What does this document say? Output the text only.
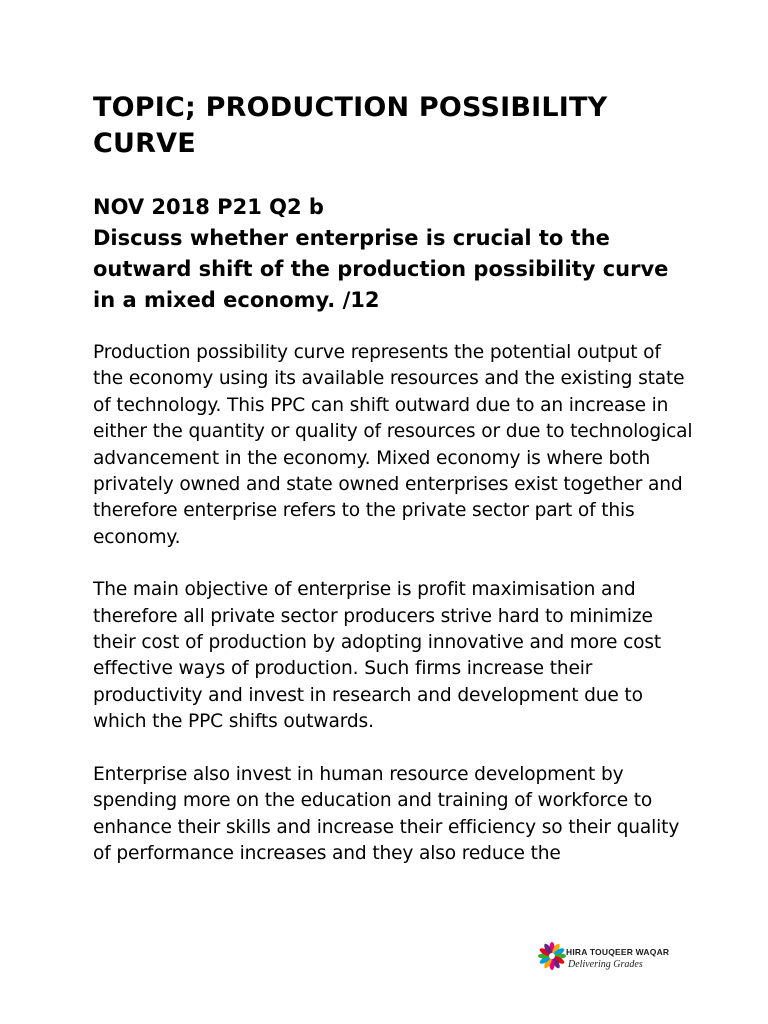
TOPIC; PRODUCTION POSSIBILITY CURVE
NOV 2018 P21 Q2 b
Discuss whether enterprise is crucial to the outward shift of the production possibility curve in a mixed economy. /12

Production possibility curve represents the potential output of the economy using its available resources and the existing state of technology. This PPC can shift outward due to an increase in either the quantity or quality of resources or due to technological advancement in the economy. Mixed economy is where both privately owned and state owned enterprises exist together and therefore enterprise refers to the private sector part of this economy.

The main objective of enterprise is profit maximisation and therefore all private sector producers strive hard to minimize their cost of production by adopting innovative and more cost effective ways of production. Such firms increase their productivity and invest in research and development due to which the PPC shifts outwards.

Enterprise also invest in human resource development by spending more on the education and training of workforce to enhance their skills and increase their efficiency so their quality of performance increases and they also reduce the

HIRA TOUQEER WAQAR
Delivering Grades
